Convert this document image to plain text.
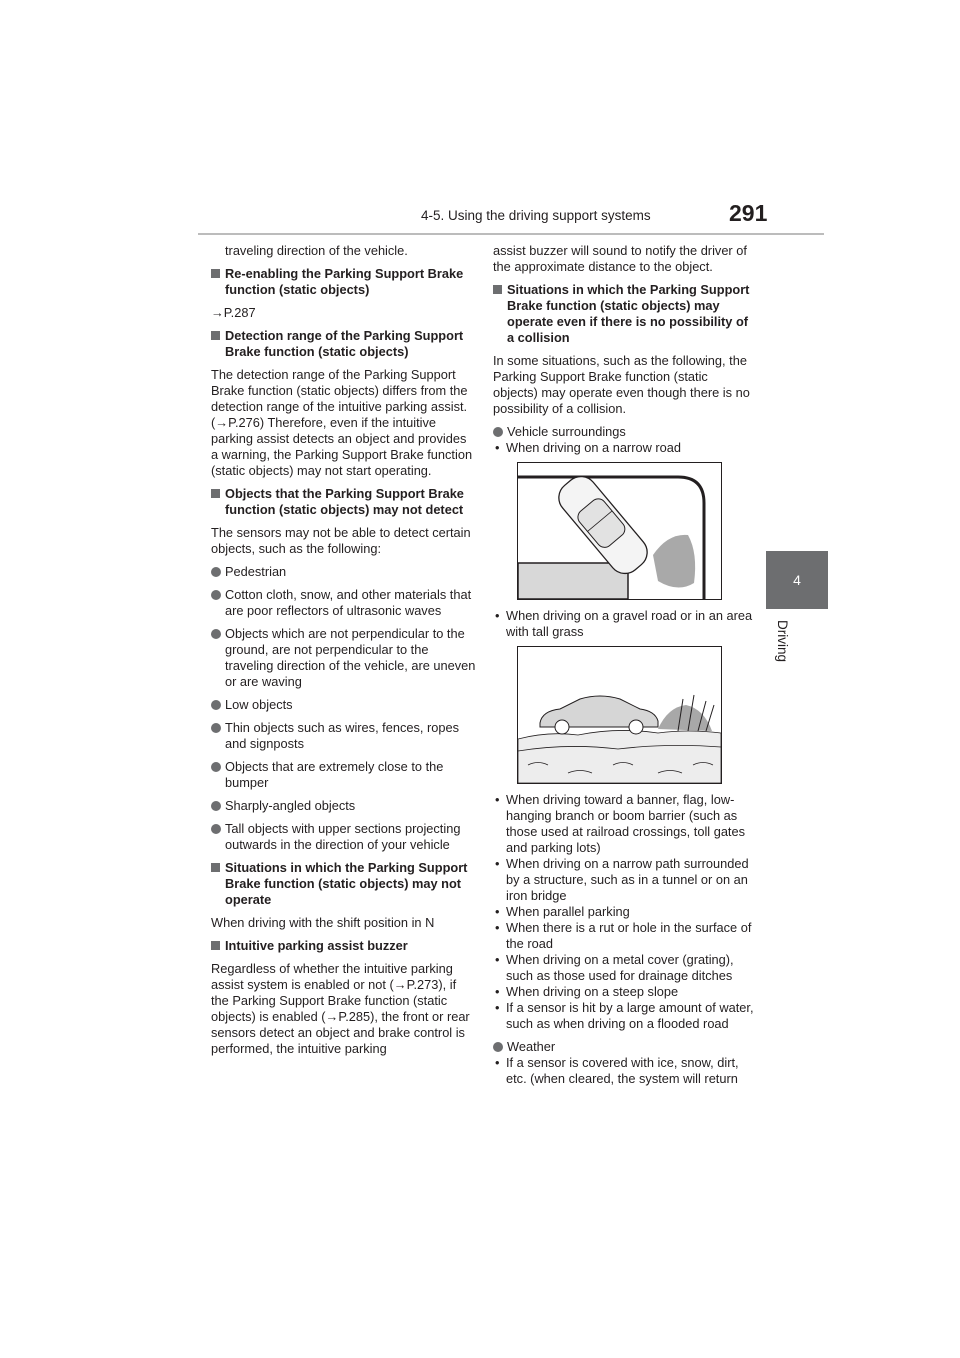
4-5. Using the driving support systems	291
4
Driving

traveling direction of the vehicle.

Re-enabling the Parking Support Brake function (static objects)

→P.287

Detection range of the Parking Support Brake function (static objects)

The detection range of the Parking Support Brake function (static objects) differs from the detection range of the intuitive parking assist. (→P.276) Therefore, even if the intuitive parking assist detects an object and provides a warning, the Parking Support Brake function (static objects) may not start operating.

Objects that the Parking Support Brake function (static objects) may not detect

The sensors may not be able to detect certain objects, such as the following:

Pedestrian
Cotton cloth, snow, and other materials that are poor reflectors of ultrasonic waves
Objects which are not perpendicular to the ground, are not perpendicular to the traveling direction of the vehicle, are uneven or are waving
Low objects
Thin objects such as wires, fences, ropes and signposts
Objects that are extremely close to the bumper
Sharply-angled objects
Tall objects with upper sections projecting outwards in the direction of your vehicle
Situations in which the Parking Support Brake function (static objects) may not operate

When driving with the shift position in N

Intuitive parking assist buzzer

Regardless of whether the intuitive parking assist system is enabled or not (→P.273), if the Parking Support Brake function (static objects) is enabled (→P.285), the front or rear sensors detect an object and brake control is performed, the intuitive parking

assist buzzer will sound to notify the driver of the approximate distance to the object.

Situations in which the Parking Support Brake function (static objects) may operate even if there is no possibility of a collision

In some situations, such as the following, the Parking Support Brake function (static objects) may operate even though there is no possibility of a collision.

Vehicle surroundings
• When driving on a narrow road
• When driving on a gravel road or in an area with tall grass
• When driving toward a banner, flag, low-hanging branch or boom barrier (such as those used at railroad crossings, toll gates and parking lots)
• When driving on a narrow path surrounded by a structure, such as in a tunnel or on an iron bridge
• When parallel parking
• When there is a rut or hole in the surface of the road
• When driving on a metal cover (grating), such as those used for drainage ditches
• When driving on a steep slope
• If a sensor is hit by a large amount of water, such as when driving on a flooded road
Weather
• If a sensor is covered with ice, snow, dirt, etc. (when cleared, the system will return
